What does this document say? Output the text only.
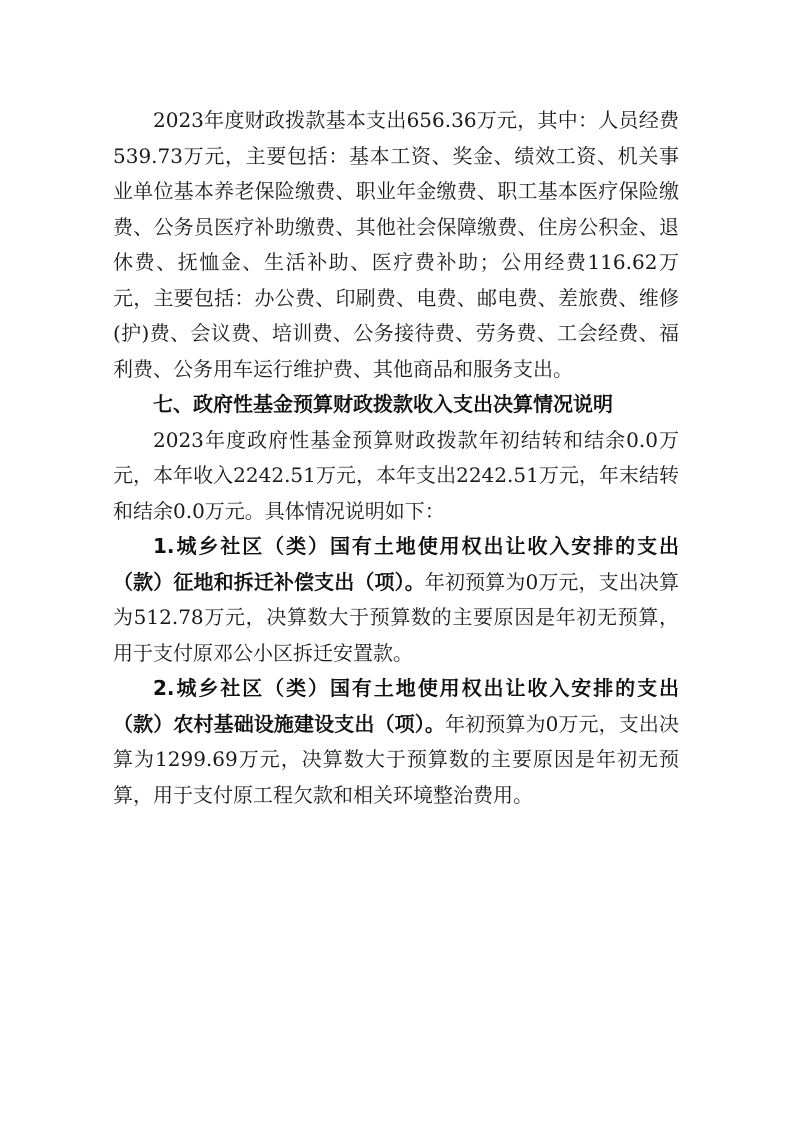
2023年度财政拨款基本支出656.36万元，其中：人员经费539.73万元，主要包括：基本工资、奖金、绩效工资、机关事业单位基本养老保险缴费、职业年金缴费、职工基本医疗保险缴费、公务员医疗补助缴费、其他社会保障缴费、住房公积金、退休费、抚恤金、生活补助、医疗费补助；公用经费116.62万元，主要包括：办公费、印刷费、电费、邮电费、差旅费、维修(护)费、会议费、培训费、公务接待费、劳务费、工会经费、福利费、公务用车运行维护费、其他商品和服务支出。

七、政府性基金预算财政拨款收入支出决算情况说明

2023年度政府性基金预算财政拨款年初结转和结余0.0万元，本年收入2242.51万元，本年支出2242.51万元，年末结转和结余0.0万元。具体情况说明如下：

1.城乡社区（类）国有土地使用权出让收入安排的支出（款）征地和拆迁补偿支出（项）。年初预算为0万元，支出决算为512.78万元，决算数大于预算数的主要原因是年初无预算，用于支付原邓公小区拆迁安置款。

2.城乡社区（类）国有土地使用权出让收入安排的支出（款）农村基础设施建设支出（项）。年初预算为0万元，支出决算为1299.69万元，决算数大于预算数的主要原因是年初无预算，用于支付原工程欠款和相关环境整治费用。
